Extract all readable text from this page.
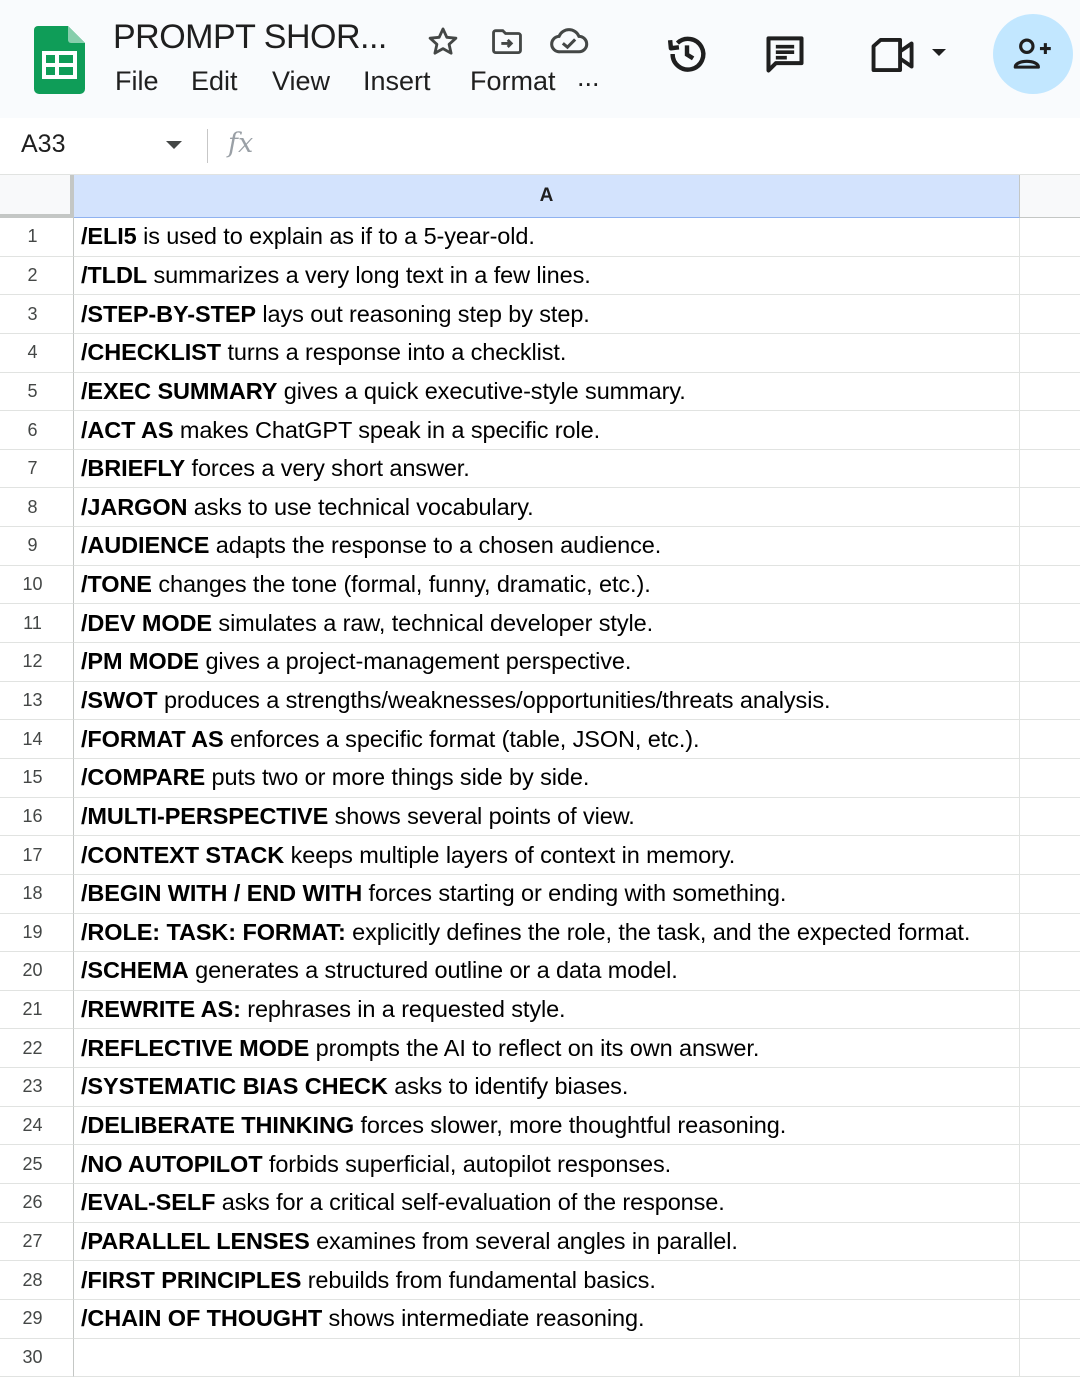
PROMPT SHOR...
File Edit View Insert Format ...
A33	fx
A
1	/ELI5 is used to explain as if to a 5-year-old.
2	/TLDL summarizes a very long text in a few lines.
3	/STEP-BY-STEP lays out reasoning step by step.
4	/CHECKLIST turns a response into a checklist.
5	/EXEC SUMMARY gives a quick executive-style summary.
6	/ACT AS makes ChatGPT speak in a specific role.
7	/BRIEFLY forces a very short answer.
8	/JARGON asks to use technical vocabulary.
9	/AUDIENCE adapts the response to a chosen audience.
10	/TONE changes the tone (formal, funny, dramatic, etc.).
11	/DEV MODE simulates a raw, technical developer style.
12	/PM MODE gives a project-management perspective.
13	/SWOT produces a strengths/weaknesses/opportunities/threats analysis.
14	/FORMAT AS enforces a specific format (table, JSON, etc.).
15	/COMPARE puts two or more things side by side.
16	/MULTI-PERSPECTIVE shows several points of view.
17	/CONTEXT STACK keeps multiple layers of context in memory.
18	/BEGIN WITH / END WITH forces starting or ending with something.
19	/ROLE: TASK: FORMAT: explicitly defines the role, the task, and the expected format.
20	/SCHEMA generates a structured outline or a data model.
21	/REWRITE AS: rephrases in a requested style.
22	/REFLECTIVE MODE prompts the AI to reflect on its own answer.
23	/SYSTEMATIC BIAS CHECK asks to identify biases.
24	/DELIBERATE THINKING forces slower, more thoughtful reasoning.
25	/NO AUTOPILOT forbids superficial, autopilot responses.
26	/EVAL-SELF asks for a critical self-evaluation of the response.
27	/PARALLEL LENSES examines from several angles in parallel.
28	/FIRST PRINCIPLES rebuilds from fundamental basics.
29	/CHAIN OF THOUGHT shows intermediate reasoning.
30
